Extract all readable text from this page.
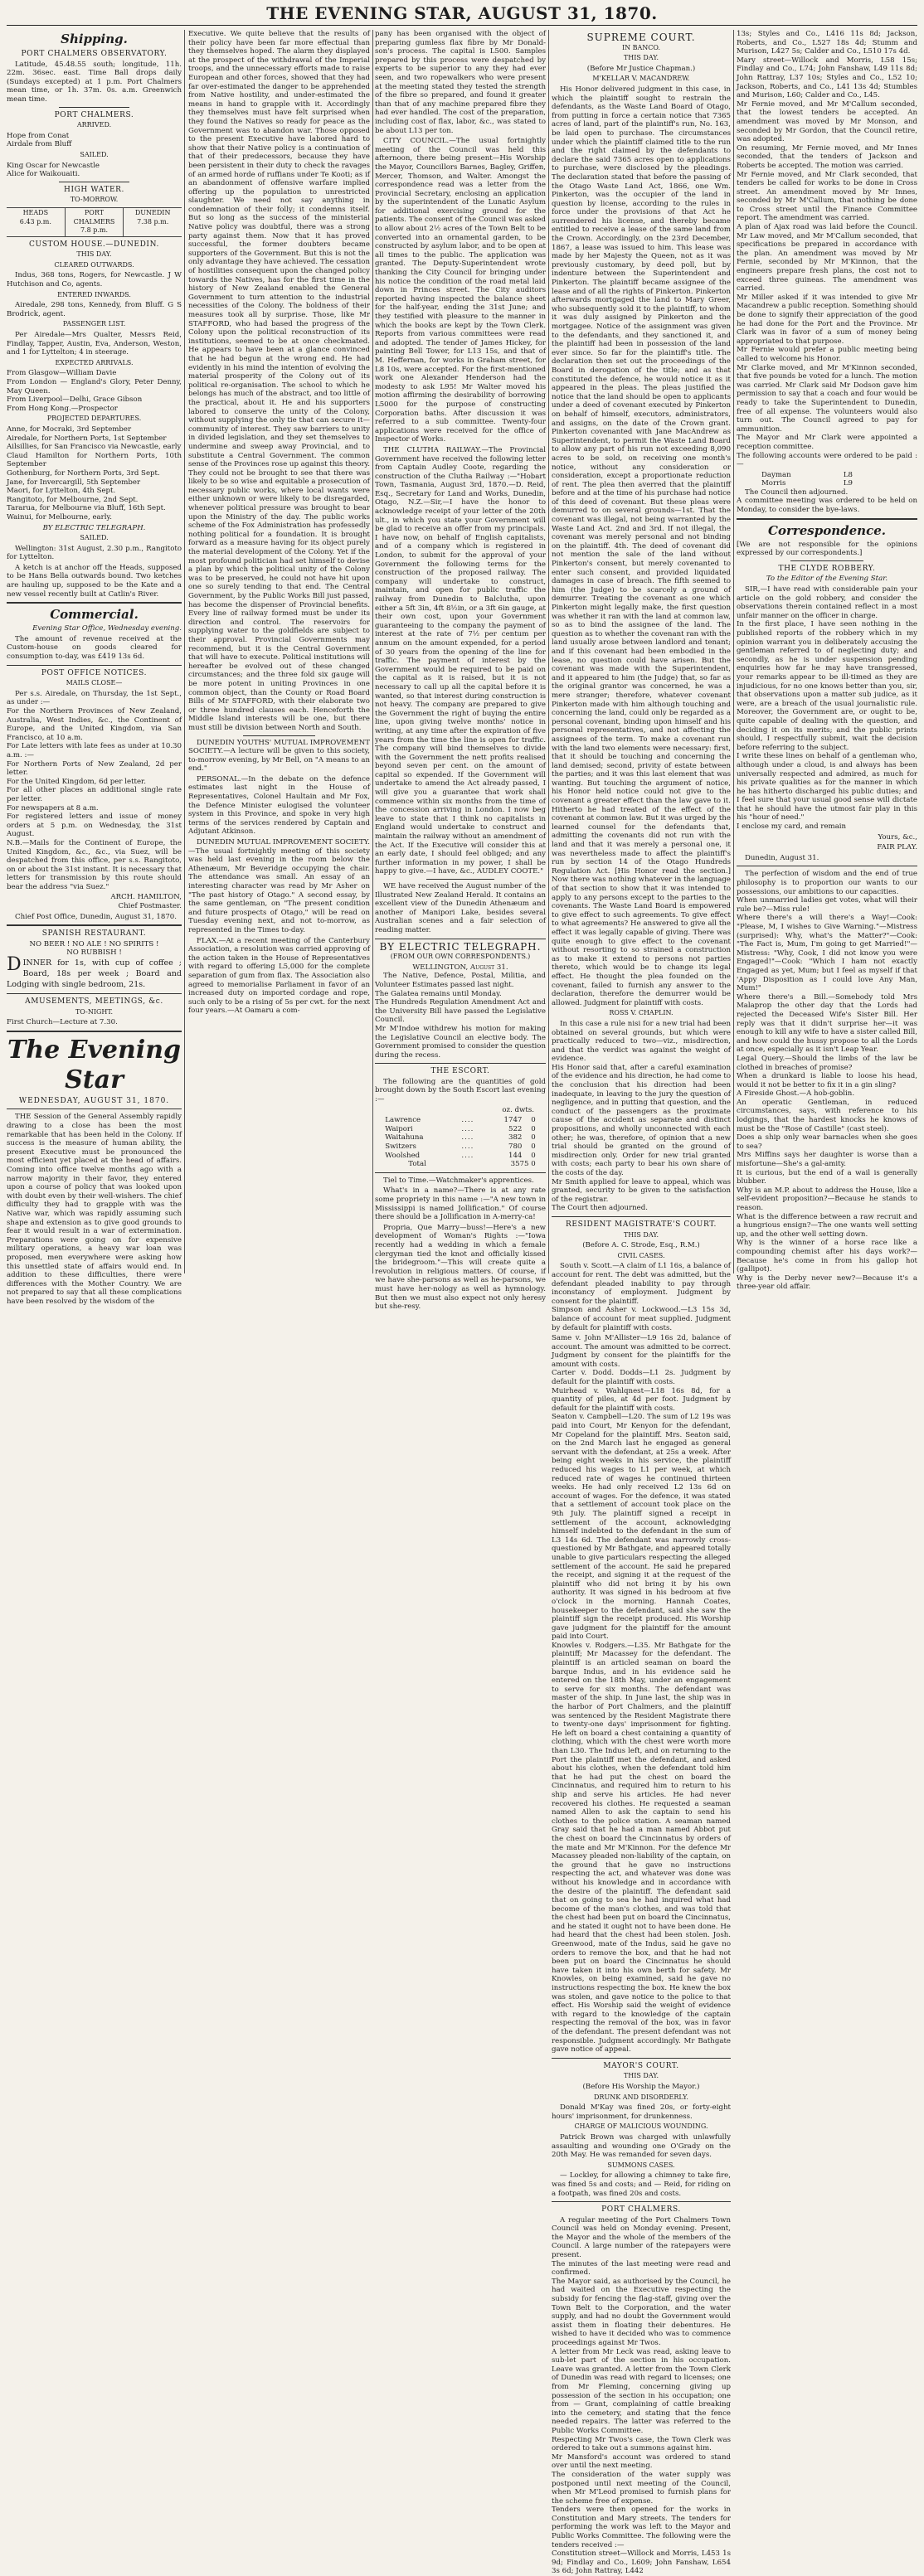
THE EVENING STAR, AUGUST 31, 1870.
Shipping.
PORT CHALMERS OBSERVATORY.

Latitude, 45.48.55 south; longitude, 11h. 22m. 36sec. east. Time Ball drops daily (Sundays excepted) at 1 p.m. Port Chalmers mean time, or 1h. 37m. 0s. a.m. Greenwich mean time.

PORT CHALMERS.
ARRIVED.

Hope from Conat
Airdale from Bluff

SAILED.

King Oscar for Newcastle
Alice for Waikouaiti.

HIGH WATER.
TO-MORROW.
HEADS
6.43 p.m.
PORT CHALMERS
7.8 p.m.
DUNEDIN
7.38 p.m.
CUSTOM HOUSE.—DUNEDIN.
THIS DAY.
CLEARED OUTWARDS.

Indus, 368 tons, Rogers, for Newcastle. J W Hutchison and Co, agents.

ENTERED INWARDS.

Airedale, 298 tons, Kennedy, from Bluff. G S Brodrick, agent.

PASSENGER LIST.

Per Airedale—Mrs Qualter, Messrs Reid, Findlay, Tapper, Austin, Eva, Anderson, Weston, and 1 for Lyttelton; 4 in steerage.

EXPECTED ARRIVALS.

From Glasgow—William Davie
From London — England's Glory, Peter Denny, May Queen.
From Liverpool—Delhi, Grace Gibson
From Hong Kong.—Prospector

PROJECTED DEPARTURES.

Anne, for Mocraki, 3rd September
Airedale, for Northern Ports, 1st September
Ailsillies, for San Francisco via Newcastle, early
Claud Hamilton for Northern Ports, 10th September
Gothenburg, for Northern Ports, 3rd Sept.
Jane, for Invercargill, 5th September
Maori, for Lyttelton, 4th Sept.
Rangitoto, for Melbourne, 2nd Sept.
Tararua, for Melbourne via Bluff, 16th Sept.
Wainui, for Melbourne, early.

BY ELECTRIC TELEGRAPH.
SAILED.

Wellington: 31st August, 2.30 p.m., Rangitoto for Lyttelton.

A ketch is at anchor off the Heads, supposed to be Hans Bella outwards bound. Two ketches are hauling up, supposed to be the Kate and a new vessel recently built at Catlin's River.

Commercial.

Evening Star Office, Wednesday evening.

The amount of revenue received at the Custom-house on goods cleared for consumption to-day, was £419 13s 6d.

POST OFFICE NOTICES.
MAILS CLOSE—

Per s.s. Airedale, on Thursday, the 1st Sept., as under :—
For the Northern Provinces of New Zealand, Australia, West Indies, &c., the Continent of Europe, and the United Kingdom, via San Francisco, at 10 a.m.
For Late letters with late fees as under at 10.30 a.m. :—
For Northern Ports of New Zealand, 2d per letter.
For the United Kingdom, 6d per letter.
For all other places an additional single rate per letter.
For newspapers at 8 a.m.
For registered letters and issue of money orders at 5 p.m. on Wednesday, the 31st August.
N.B.—Mails for the Continent of Europe, the United Kingdom, &c., &c., via Suez, will be despatched from this office, per s.s. Rangitoto, on or about the 31st instant. It is necessary that letters for transmission by this route should bear the address "via Suez."

ARCH. HAMILTON,
Chief Postmaster.

Chief Post Office, Dunedin, August 31, 1870.

SPANISH RESTAURANT.
NO BEER ! NO ALE ! NO SPIRITS !
NO RUBBISH !

DINNER for 1s, with cup of coffee ; Board, 18s per week ; Board and Lodging with single bedroom, 21s.

AMUSEMENTS, MEETINGS, &c.
TO-NIGHT.

First Church—Lecture at 7.30.

The Evening Star
WEDNESDAY, AUGUST 31, 1870.

THE Session of the General Assembly rapidly drawing to a close has been the most remarkable that has been held in the Colony. If success is the measure of human ability, the present Executive must be pronounced the most efficient yet placed at the head of affairs. Coming into office twelve months ago with a narrow majority in their favor, they entered upon a course of policy that was looked upon with doubt even by their well-wishers. The chief difficulty they had to grapple with was the Native war, which was rapidly assuming such shape and extension as to give good grounds to fear it would result in a war of extermination. Preparations were going on for expensive military operations, a heavy war loan was proposed, men everywhere were asking how this unsettled state of affairs would end. In addition to these difficulties, there were differences with the Mother Country. We are not prepared to say that all these complications have been resolved by the wisdom of the

Executive. We quite believe that the results of their policy have been far more effectual than they themselves hoped. The alarm they displayed at the prospect of the withdrawal of the Imperial troops, and the unnecessary efforts made to raise European and other forces, showed that they had far over-estimated the danger to be apprehended from Native hostility, and under-estimated the means in hand to grapple with it. Accordingly they themselves must have felt surprised when they found the Natives so ready for peace as the Government was to abandon war. Those opposed to the present Executive have labored hard to show that their Native policy is a continuation of that of their predecessors, because they have been persistent in their duty to check the ravages of an armed horde of ruffians under Te Kooti; as if an abandonment of offensive warfare implied offering up the population to unrestricted slaughter. We need not say anything in condemnation of their folly; it condemns itself. But so long as the success of the ministerial Native policy was doubtful, there was a strong party against them. Now that it has proved successful, the former doubters became supporters of the Government. But this is not the only advantage they have achieved. The cessation of hostilities consequent upon the changed policy towards the Natives, has for the first time in the history of New Zealand enabled the General Government to turn attention to the industrial necessities of the Colony. The boldness of their measures took all by surprise. Those, like Mr STAFFORD, who had based the progress of the Colony upon the political reconstruction of its institutions, seemed to be at once checkmated. He appears to have been at a glance convinced that he had begun at the wrong end. He had evidently in his mind the intention of evolving the material prosperity of the Colony out of its political re-organisation. The school to which he belongs has much of the abstract, and too little of the practical, about it. He and his supporters labored to conserve the unity of the Colony, without supplying the only tie that can secure it—community of interest. They saw barriers to unity in divided legislation, and they set themselves to undermine and sweep away Provincial, and to substitute a Central Government. The common sense of the Provinces rose up against this theory. They could not be brought to see that there was likely to be so wise and equitable a prosecution of necessary public works, where local wants were either unknown or were likely to be disregarded, whenever political pressure was brought to bear upon the Ministry of the day. The public works scheme of the Fox Administration has professedly nothing political for a foundation. It is brought forward as a measure having for its object purely the material development of the Colony. Yet if the most profound politician had set himself to devise a plan by which the political unity of the Colony was to be preserved, he could not have hit upon one so surely tending to that end. The Central Government, by the Public Works Bill just passed, has become the dispenser of Provincial benefits. Every line of railway formed must be under its direction and control. The reservoirs for supplying water to the goldfields are subject to their approval. Provincial Governments may recommend, but it is the Central Government that will have to execute. Political institutions will hereafter be evolved out of these changed circumstances; and the three fold six gauge will be more potent in uniting Provinces in one common object, than the County or Road Board Bills of Mr STAFFORD, with their elaborate two or three hundred clauses each. Henceforth the Middle Island interests will be one, but there must still be division between North and South.

DUNEDIN YOUTHS' MUTUAL IMPROVEMENT SOCIETY.—A lecture will be given to this society, to-morrow evening, by Mr Bell, on "A means to an end."

PERSONAL.—In the debate on the defence estimates last night in the House of Representatives, Colonel Haultain and Mr Fox, the Defence Minister eulogised the volunteer system in this Province, and spoke in very high terms of the services rendered by Captain and Adjutant Atkinson.

DUNEDIN MUTUAL IMPROVEMENT SOCIETY.—The usual fortnightly meeting of this society was held last evening in the room below the Athenæum, Mr Beveridge occupying the chair. The attendance was small. An essay of an interesting character was read by Mr Asher on "The past history of Otago." A second essay, by the same gentleman, on "The present condition and future prospects of Otago," will be read on Tuesday evening next, and not to-morrow, as represented in the Times to-day.

FLAX.—At a recent meeting of the Canterbury Association, a resolution was carried approving of the action taken in the House of Representatives with regard to offering L5,000 for the complete separation of gum from flax. The Association also agreed to memorialise Parliament in favor of an increased duty on imported cordage and rope, such only to be a rising of 5s per cwt. for the next four years.—At Oamaru a com-

pany has been organised with the object of preparing gumless flax fibre by Mr Donald-son's process. The capital is L500. Samples prepared by this process were despatched by experts to be superior to any they had ever seen, and two ropewalkers who were present at the meeting stated they tested the strength of the fibre so prepared, and found it greater than that of any machine prepared fibre they had ever handled. The cost of the preparation, including cost of flax, labor, &c., was stated to be about L13 per ton.

CITY COUNCIL.—The usual fortnightly meeting of the Council was held this afternoon, there being present—His Worship the Mayor, Councillors Barnes, Bagley, Griffen, Mercer, Thomson, and Walter. Amongst the correspondence read was a letter from the Provincial Secretary, enclosing an application by the superintendent of the Lunatic Asylum for additional exercising ground for the patients. The consent of the Council was asked to allow about 2½ acres of the Town Belt to be converted into an ornamental garden, to be constructed by asylum labor, and to be open at all times to the public. The application was granted. The Deputy-Superintendent wrote thanking the City Council for bringing under his notice the condition of the road metal laid down in Princes street. The City auditors reported having inspected the balance sheet for the half-year, ending the 31st June; and they testified with pleasure to the manner in which the books are kept by the Town Clerk. Reports from various committees were read and adopted. The tender of James Hickey, for painting Bell Tower, for L13 15s, and that of M. Heffernan, for works in Graham street, for L8 10s, were accepted. For the first-mentioned work one Alexander Henderson had the modesty to ask L95! Mr Walter moved his motion affirming the desirability of borrowing L5000 for the purpose of constructing Corporation baths. After discussion it was referred to a sub committee. Twenty-four applications were received for the office of Inspector of Works.

THE CLUTHA RAILWAY.—The Provincial Government have received the following letter from Captain Audley Coote, regarding the construction of the Clutha Railway :—"Hobart Town, Tasmania, August 3rd, 1870.—D. Reid, Esq., Secretary for Land and Works, Dunedin, Otago, N.Z.—Sir,—I have the honor to acknowledge receipt of your letter of the 20th ult., in which you state your Government will be glad to receive an offer from my principals. I have now, on behalf of English capitalists, and of a company which is registered in London, to submit for the approval of your Government the following terms for the construction of the proposed railway. The company will undertake to construct, maintain, and open for public traffic the railway from Dunedin to Balclutha, upon either a 5ft 3in, 4ft 8½in, or a 3ft 6in gauge, at their own cost, upon your Government guaranteeing to the company the payment of interest at the rate of 7½ per centum per annum on the amount expended, for a period of 30 years from the opening of the line for traffic. The payment of interest by the Government would be required to be paid on the capital as it is raised, but it is not necessary to call up all the capital before it is wanted, so that interest during construction is not heavy. The company are prepared to give the Government the right of buying the entire line, upon giving twelve months' notice in writing, at any time after the expiration of five years from the time the line is open for traffic. The company will bind themselves to divide with the Government the nett profits realised beyond seven per cent. on the amount of capital so expended. If the Government will undertake to amend the Act already passed, I will give you a guarantee that work shall commence within six months from the time of the concession arriving in London. I now beg leave to state that I think no capitalists in England would undertake to construct and maintain the railway without an amendment of the Act. If the Executive will consider this at an early date, I should feel obliged; and any further information in my power, I shall be happy to give.—I have, &c., AUDLEY COOTE."

WE have received the August number of the Illustrated New Zealand Herald. It contains an excellent view of the Dunedin Athenæum and another of Manipori Lake, besides several Australian scenes and a fair selection of reading matter.

BY ELECTRIC TELEGRAPH.
(FROM OUR OWN CORRESPONDENTS.)
WELLINGTON, August 31.

The Native, Defence, Postal, Militia, and Volunteer Estimates passed last night.
The Galatea remains until Monday.
The Hundreds Regulation Amendment Act and the University Bill have passed the Legislative Council.
Mr M'Indoe withdrew his motion for making the Legislative Council an elective body. The Government promised to consider the question during the recess.

THE ESCORT.

The following are the quantities of gold brought down by the South Escort last evening :—

oz. dwts.
Lawrence	....	1747	0
Waipori	....	522	0
Waitahuna	....	382	0
Switzers	....	780	0
Woolshed	....	144	0
Total		3575 0	

Tiel to Time.—Watchmaker's apprentices.

What's in a name?—There is at any rate some propriety in this name :—"A new town in Mississippi is named Jollification." Of course there should be a Jollification in A-merry-ca!

Propria, Que Marry—buss!—Here's a new development of Woman's Rights :—"Iowa recently had a wedding in which a female clergyman tied the knot and officially kissed the bridegroom."—This will create quite a revolution in religious matters. Of course, if we have she-parsons as well as he-parsons, we must have her-nology as well as hymnology. But then we must also expect not only heresy but she-resy.

SUPREME COURT.
IN BANCO.
THIS DAY.
(Before Mr Justice Chapman.)
M'KELLAR V. MACANDREW.

His Honor delivered judgment in this case, in which the plaintiff sought to restrain the defendants, as the Waste Land Board of Otago, from putting in force a certain notice that 7365 acres of land, part of the plaintiff's run, No. 163, be laid open to purchase. The circumstances under which the plaintiff claimed title to the run and the right claimed by the defendants to declare the said 7365 acres open to applications to purchase, were disclosed by the pleadings. The declaration stated that before the passing of the Otago Waste Land Act, 1866, one Wm. Pinkerton, was the occupier of the land in question by license, according to the rules in force under the provisions of that Act he surrendered his license, and thereby became entitled to receive a lease of the same land from the Crown. Accordingly, on the 23rd December, 1867, a lease was issued to him. This lease was made by her Majesty the Queen, not as it was previously customary, by deed poll, but by indenture between the Superintendent and Pinkerton. The plaintiff became assignee of the lease and of all the rights of Pinkerton. Pinkerton afterwards mortgaged the land to Mary Greer, who subsequently sold it to the plaintiff, to whom it was duly assigned by Pinkerton and the mortgagee. Notice of the assignment was given to the defendants, and they sanctioned it, and the plaintiff had been in possession of the land ever since. So far for the plaintiff's title. The declaration then set out the proceedings of the Board in derogation of the title; and as that constituted the defence, he would notice it as it appeared in the pleas. The pleas justified the notice that the land should be open to applicants under a deed of covenant executed by Pinkerton on behalf of himself, executors, administrators, and assigns, on the date of the Crown grant. Pinkerton covenanted with Jane MacAndrew as Superintendent, to permit the Waste Land Board to allow any part of his run not exceeding 8,090 acres to be sold, on receiving one month's notice, without any consideration or consideration, except a proportionate reduction of rent. The plea then averred that the plaintiff before and at the time of his purchase had notice of this deed of covenant. But these pleas were demurred to on several grounds—1st. That the covenant was illegal, not being warranted by the Waste Land Act. 2nd and 3rd. If not illegal, the covenant was merely personal and not binding on the plaintiff. 4th. The deed of covenant did not mention the sale of the land without Pinkerton's consent, but merely covenanted to enter such consent, and provided liquidated damages in case of breach. The fifth seemed to him (the Judge) to be scarcely a ground of demurrer. Treating the covenant as one which Pinkerton might legally make, the first question was whether it ran with the land at common law, so as to bind the assignee of the land. The question as to whether the covenant ran with the land usually arose between landlord and tenant; and if this covenant had been embodied in the lease, no question could have arisen. But the covenant was made with the Superintendent, and it appeared to him (the Judge) that, so far as the original grantor was concerned, he was a mere stranger; therefore, whatever covenant Pinkerton made with him although touching and concerning the land, could only be regarded as a personal covenant, binding upon himself and his personal representatives, and not affecting the assignees of the term. To make a covenant run with the land two elements were necessary: first, that it should be touching and concerning the land demised; second, privity of estate between the parties; and it was this last element that was wanting. But touching the argument of notice, his Honor held notice could not give to the covenant a greater effect than the law gave to it. Hitherto he had treated of the effect of the covenant at common law. But it was urged by the learned counsel for the defendants that, admitting the covenants did not run with the land and that it was merely a personal one, it was nevertheless made to affect the plaintiff's run by section 14 of the Otago Hundreds Regulation Act. [His Honor read the section.] Now there was nothing whatever in the language of that section to show that it was intended to apply to any persons except to the parties to the covenants. The Waste Land Board is empowered to give effect to such agreements. To give effect to what agreements? He answered to give all the effect it was legally capable of giving. There was quite enough to give effect to the covenant without resorting to so strained a construction as to make it extend to persons not parties thereto, which would be to change its legal effect. He thought the plea founded on the covenant, failed to furnish any answer to the declaration, therefore the demurrer would be allowed. Judgment for plaintiff with costs.

ROSS V. CHAPLIN.

In this case a rule nisi for a new trial had been obtained on several grounds, but which were practically reduced to two—viz., misdirection, and that the verdict was against the weight of evidence.
His Honor said that, after a careful examination of the evidence and his direction, he had come to the conclusion that his direction had been inadequate, in leaving to the jury the question of negligence, and in putting that question, and the conduct of the passengers as the proximate cause of the accident as separate and distinct propositions, and wholly unconnected with each other; he was, therefore, of opinion that a new trial should be granted on the ground of misdirection only. Order for new trial granted with costs; each party to bear his own share of the costs of the day.
Mr Smith applied for leave to appeal, which was granted, security to be given to the satisfaction of the registrar.
The Court then adjourned.

RESIDENT MAGISTRATE'S COURT.
THIS DAY.
(Before A. C. Strode, Esq., R.M.)
CIVIL CASES.

South v. Scott.—A claim of L1 16s, a balance of account for rent. The debt was admitted, but the defendant pleaded inability to pay through inconstancy of employment. Judgment by consent for the plaintiff.
Simpson and Asher v. Lockwood.—L3 15s 3d, balance of account for meat supplied. Judgment by default for plaintiff with costs.

Same v. John M'Allister—L9 16s 2d, balance of account. The amount was admitted to be correct. Judgment by consent for the plaintiffs for the amount with costs.
Carter v. Dodd. Dodds—L1 2s. Judgment by default for the plaintiff with costs.
Muirhead v. Wahlqnest—L18 16s 8d, for a quantity of piles, at 4d per foot. Judgment by default for the plaintiff with costs.
Seaton v. Campbell—L20. The sum of L2 19s was paid into Court, Mr Kenyon for the defendant, Mr Copeland for the plaintiff. Mrs. Seaton said, on the 2nd March last he engaged as general servant with the defendant, at 25s a week. After being eight weeks in his service, the plaintiff reduced his wages to L1 per week, at which reduced rate of wages he continued thirteen weeks. He had only received L2 13s 6d on account of wages. For the defence, it was stated that a settlement of account took place on the 9th July. The plaintiff signed a receipt in settlement of the account, acknowledging himself indebted to the defendant in the sum of L3 14s 6d. The defendant was narrowly cross-questioned by Mr Bathgate, and appeared totally unable to give particulars respecting the alleged settlement of the account. He said he prepared the receipt, and signing it at the request of the plaintiff who did not bring it by his own authority. It was signed in his bedroom at five o'clock in the morning. Hannah Coates, housekeeper to the defendant, said she saw the plaintiff sign the receipt produced. His Worship gave judgment for the plaintiff for the amount paid into Court.
Knowles v. Rodgers.—L35. Mr Bathgate for the plaintiff; Mr Macassey for the defendant. The plaintiff is an articled seaman on board the barque Indus, and in his evidence said he entered on the 18th May, under an engagement to serve for six months. The defendant was master of the ship. In June last, the ship was in the harbor of Port Chalmers, and the plaintiff was sentenced by the Resident Magistrate there to twenty-one days' imprisonment for fighting. He left on board a chest containing a quantity of clothing, which with the chest were worth more than L30. The Indus left, and on returning to the Port the plaintiff met the defendant, and asked about his clothes, when the defendant told him that he had put the chest on board the Cincinnatus, and required him to return to his ship and serve his articles. He had never recovered his clothes. He requested a seaman named Allen to ask the captain to send his clothes to the police station. A seaman named Gray said that he had a man named Abbot put the chest on board the Cincinnatus by orders of the mate and Mr M'Kinnon. For the defence Mr Macassey pleaded non-liability of the captain, on the ground that he gave no instructions respecting the act, and whatever was done was without his knowledge and in accordance with the desire of the plaintiff. The defendant said that on going to sea he had inquired what had become of the man's clothes, and was told that the chest had been put on board the Cincinnatus, and he stated it ought not to have been done. He had heard that the chest had been stolen. Josh. Greenwood, mate of the Indus, said he gave no orders to remove the box, and that he had not been put on board the Cincinnatus he should have taken it into his own berth for safety. Mr Knowles, on being examined, said he gave no instructions respecting the box. He knew the box was stolen, and gave notice to the police to that effect. His Worship said the weight of evidence with regard to the knowledge of the captain respecting the removal of the box, was in favor of the defendant. The present defendant was not responsible. Judgment accordingly. Mr Bathgate gave notice of appeal.

MAYOR'S COURT.
THIS DAY.
(Before His Worship the Mayor.)
DRUNK AND DISORDERLY.

Donald M'Kay was fined 20s, or forty-eight hours' imprisonment, for drunkenness.

CHARGE OF MALICIOUS WOUNDING.

Patrick Brown was charged with unlawfully assaulting and wounding one O'Grady on the 20th May. He was remanded for seven days.

SUMMONS CASES.

— Lockley, for allowing a chimney to take fire, was fined 5s and costs; and — Reid, for riding on a footpath, was fined 20s and costs.

PORT CHALMERS.

A regular meeting of the Port Chalmers Town Council was held on Monday evening. Present, the Mayor and the whole of the members of the Council. A large number of the ratepayers were present.
The minutes of the last meeting were read and confirmed.
The Mayor said, as authorised by the Council, he had waited on the Executive respecting the subsidy for fencing the flag-staff, giving over the Town Belt to the Corporation, and the water supply, and had no doubt the Government would assist them in floating their debentures. He wished to have it decided who was to commence proceedings against Mr Twos.
A letter from Mr Leck was read, asking leave to sub-let part of the section in his occupation. Leave was granted. A letter from the Town Clerk of Dunedin was read with regard to licenses; one from Mr Fleming, concerning giving up possession of the section in his occupation; one from — Grant, complaining of cattle breaking into the cemetery, and stating that the fence needed repairs. The latter was referred to the Public Works Committee.
Respecting Mr Twos's case, the Town Clerk was ordered to take out a summons against him.
Mr Mansford's account was ordered to stand over until the next meeting.
The consideration of the water supply was postponed until next meeting of the Council, when Mr M'Leod promised to furnish plans for the scheme free of expense.
Tenders were then opened for the works in Constitution and Mary streets. The tenders for performing the work was left to the Mayor and Public Works Committee. The following were the tenders received :—
Constitution street—Willock and Morris, L453 1s 9d; Findlay and Co., L609; John Fanshaw, L654 3s 6d; John Rattray, L442

13s; Styles and Co., L416 11s 8d; Jackson, Roberts, and Co., L527 18s 4d; Stumm and Murison, L427 5s; Calder and Co., L510 17s 4d.
Mary street—Willock and Morris, L58 15s; Findlay and Co., L74; John Fanshaw, L49 11s 8d; John Rattray, L37 10s; Styles and Co., L52 10; Jackson, Roberts, and Co., L41 13s 4d; Stumbles and Murison, L60; Calder and Co., L45.
Mr Fernie moved, and Mr M'Callum seconded, that the lowest tenders be accepted. An amendment was moved by Mr Monson, and seconded by Mr Gordon, that the Council retire, was adopted.
On resuming, Mr Fernie moved, and Mr Innes seconded, that the tenders of Jackson and Roberts be accepted. The motion was carried.
Mr Fernie moved, and Mr Clark seconded, that tenders be called for works to be done in Cross street. An amendment moved by Mr Innes, seconded by Mr M'Callum, that nothing be done to Cross street until the Finance Committee report. The amendment was carried.
A plan of Ajax road was laid before the Council. Mr Law moved, and Mr M'Callum seconded, that specifications be prepared in accordance with the plan. An amendment was moved by Mr Fernie, seconded by Mr M'Kinnon, that the engineers prepare fresh plans, the cost not to exceed three guineas. The amendment was carried.
Mr Miller asked if it was intended to give Mr Macandrew a public reception. Something should be done to signify their appreciation of the good he had done for the Port and the Province. Mr Clark was in favor of a sum of money being appropriated to that purpose.
Mr Fernie would prefer a public meeting being called to welcome his Honor.
Mr Clarke moved, and Mr M'Kinnon seconded, that five pounds be voted for a lunch. The motion was carried. Mr Clark said Mr Dodson gave him permission to say that a coach and four would be ready to take the Superintendent to Dunedin, free of all expense. The volunteers would also turn out. The Council agreed to pay for ammunition.
The Mayor and Mr Clark were appointed a reception committee.
The following accounts were ordered to be paid :—

Dayman	L8
Morris	L9

The Council then adjourned.
A committee meeting was ordered to be held on Monday, to consider the bye-laws.

Correspondence.

[We are not responsible for the opinions expressed by our correspondents.]

THE CLYDE ROBBERY.
To the Editor of the Evening Star.

SIR,—I have read with considerable pain your article on the gold robbery, and consider the observations therein contained reflect in a most unfair manner on the officer in charge.
In the first place, I have seen nothing in the published reports of the robbery which in my opinion warrant you in deliberately accusing the gentleman referred to of neglecting duty; and secondly, as he is under suspension pending enquiries how far he may have transgressed, your remarks appear to be ill-timed as they are injudicious, for no one knows better than you, sir, that observations upon a matter sub judice, as it were, are a breach of the usual journalistic rule. Moreover, the Government are, or ought to be, quite capable of dealing with the question, and deciding it on its merits; and the public prints should, I respectfully submit, wait the decision before referring to the subject.
I write these lines on behalf of a gentleman who, although under a cloud, is and always has been universally respected and admired, as much for his private qualities as for the manner in which he has hitherto discharged his public duties; and I feel sure that your usual good sense will dictate that he should have the utmost fair play in this his "hour of need."
I enclose my card, and remain

Yours, &c.,

FAIR PLAY.

Dunedin, August 31.

The perfection of wisdom and the end of true philosophy is to proportion our wants to our possessions, our ambitions to our capacities.
When unmarried ladies get votes, what will their rule be?—Miss rule!
Where there's a will there's a Way!—Cook: "Please, M, I wishes to Give Warning."—Mistress (surprised): Why, what's the Matter?"—Cook: "The Fact is, Mum, I'm going to get Married!"—Mistress: "Why, Cook, I did not know you were Engaged!"—Cook: "Which I ham not exactly Engaged as yet, Mum; but I feel as myself if that 'Appy Disposition as I could love Any Man, Mum!"
Where there's a Bill.—Somebody told Mrs Malaprop the other day that the Lords had rejected the Deceased Wife's Sister Bill. Her reply was that it didn't surprise her—it was enough to kill any wife to have a sister called Bill, and how could the hussy propose to all the Lords at once, especially as it isn't Leap Year.
Legal Query.—Should the limbs of the law be clothed in breaches of promise?
When a drunkard is liable to loose his head, would it not be better to fix it in a gin sling?
A Fireside Ghost.—A hob-goblin.
An operatic Gentleman, in reduced circumstances, says, with reference to his lodgings, that the hardest knocks he knows of must be the "Rose of Castille" (cast steel).
Does a ship only wear barnacles when she goes to sea?
Mrs Miffins says her daughter is worse than a misfortune—She's a gal-amity.
It is curious, but the end of a wail is generally blubber.
Why is an M.P. about to address the House, like a self-evident proposition?—Because he stands to reason.
What is the difference between a raw recruit and a hungrious ensign?—The one wants well setting up, and the other well setting down.
Why is the winner of a horse race like a compounding chemist after his days work?—Because he's come in from his gallop hot (gallipot).
Why is the Derby never new?—Because it's a three-year old affair.
